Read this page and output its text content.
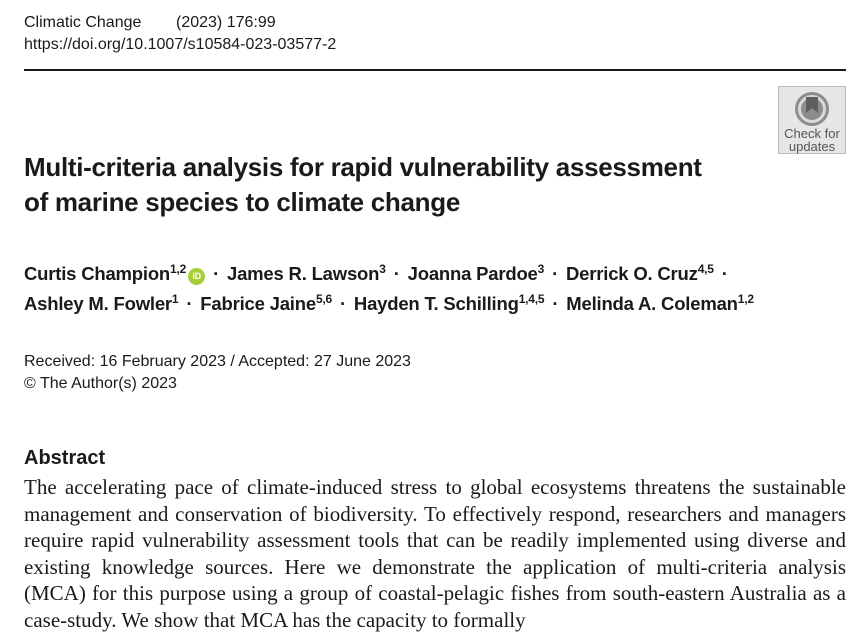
Climatic Change (2023) 176:99
https://doi.org/10.1007/s10584-023-03577-2
Check for
updates
Multi-criteria analysis for rapid vulnerability assessment
of marine species to climate change
Curtis Champion$^{1,2}$ iD · James R. Lawson$^3$ · Joanna Pardoe$^3$ · Derrick O. Cruz$^{4,5}$ ·
Ashley M. Fowler$^1$ · Fabrice Jaine$^{5,6}$ · Hayden T. Schilling$^{1,4,5}$ · Melinda A. Coleman$^{1,2}$
Received: 16 February 2023 / Accepted: 27 June 2023
© The Author(s) 2023
Abstract

The accelerating pace of climate-induced stress to global ecosystems threatens the sustainable management and conservation of biodiversity. To effectively respond, researchers and managers require rapid vulnerability assessment tools that can be readily implemented using diverse and existing knowledge sources. Here we demonstrate the application of multi-criteria analysis (MCA) for this purpose using a group of coastal-pelagic fishes from south-eastern Australia as a case-study. We show that MCA has the capacity to formally
